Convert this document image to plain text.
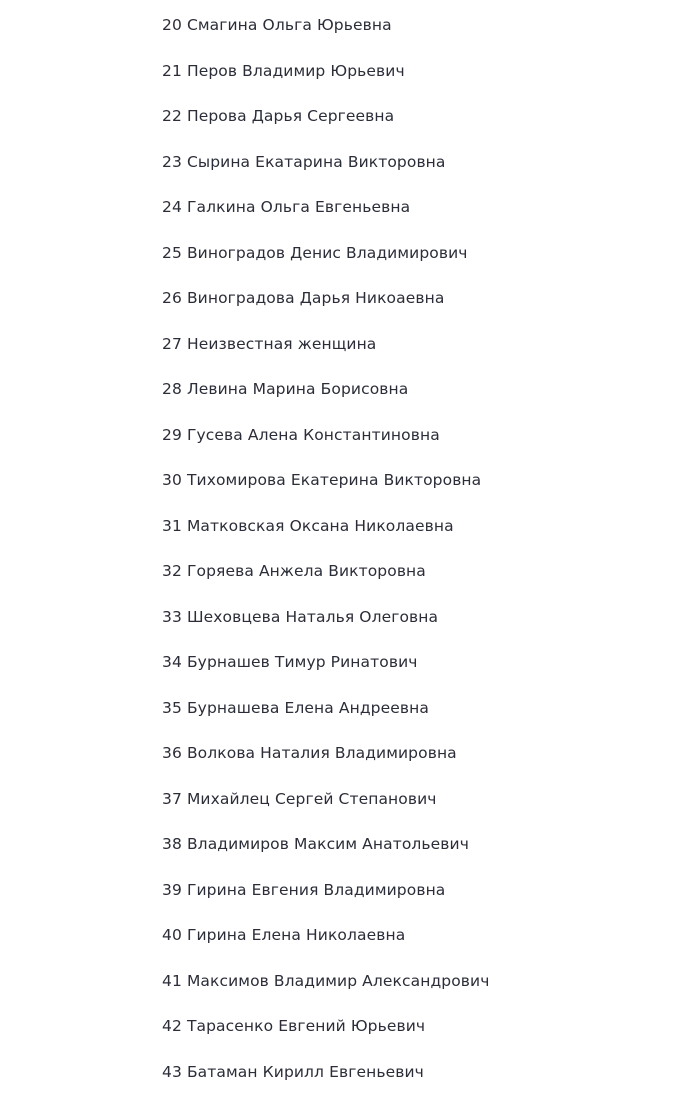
20 Смагина Ольга Юрьевна
21 Перов Владимир Юрьевич
22 Перова Дарья Сергеевна
23 Сырина Екатарина Викторовна
24 Галкина Ольга Евгеньевна
25 Виноградов Денис Владимирович
26 Виноградова Дарья Никоаевна
27 Неизвестная женщина
28 Левина Марина Борисовна
29 Гусева Алена Константиновна
30 Тихомирова Екатерина Викторовна
31 Матковская Оксана Николаевна
32 Горяева Анжела Викторовна
33 Шеховцева Наталья Олеговна
34 Бурнашев Тимур Ринатович
35 Бурнашева Елена Андреевна
36 Волкова Наталия Владимировна
37 Михайлец Сергей Степанович
38 Владимиров Максим Анатольевич
39 Гирина Евгения Владимировна
40 Гирина Елена Николаевна
41 Максимов Владимир Александрович
42 Тарасенко Евгений Юрьевич
43 Батаман Кирилл Евгеньевич
